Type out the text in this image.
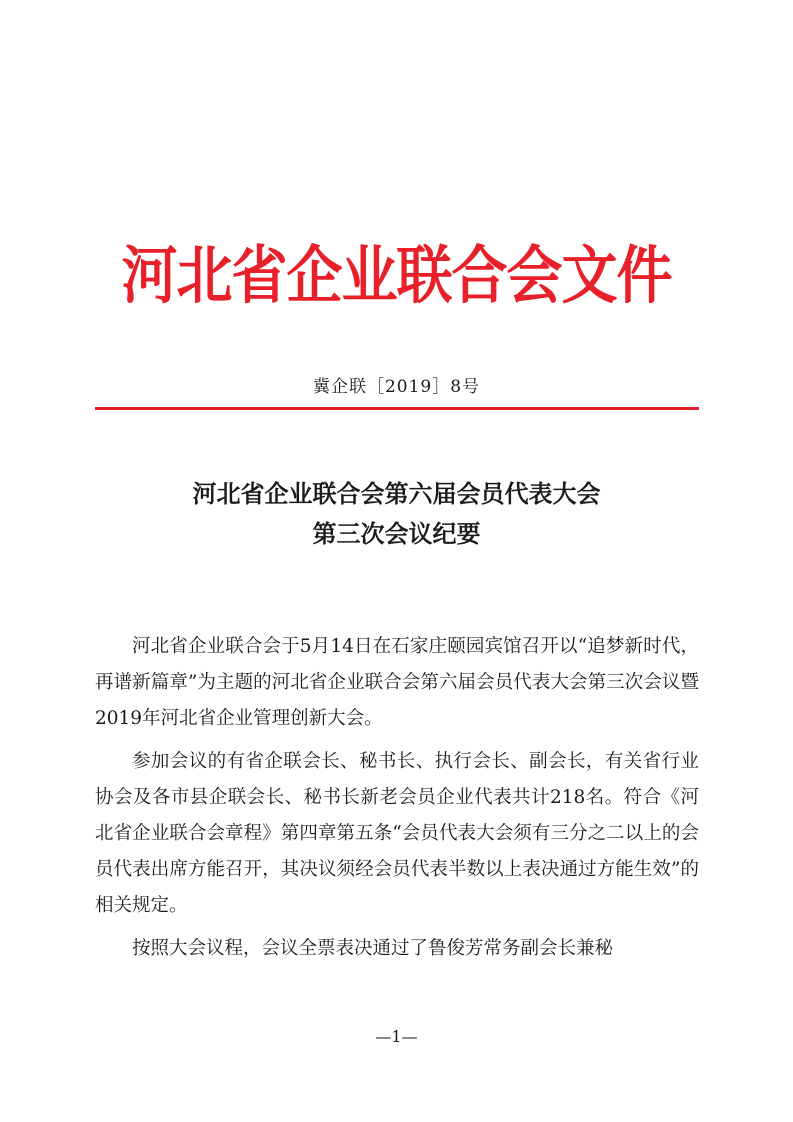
河北省企业联合会文件
冀企联［2019］8号
河北省企业联合会第六届会员代表大会
第三次会议纪要

河北省企业联合会于5月14日在石家庄颐园宾馆召开以“追梦新时代，再谱新篇章”为主题的河北省企业联合会第六届会员代表大会第三次会议暨2019年河北省企业管理创新大会。

参加会议的有省企联会长、秘书长、执行会长、副会长，有关省行业协会及各市县企联会长、秘书长新老会员企业代表共计218名。符合《河北省企业联合会章程》第四章第五条“会员代表大会须有三分之二以上的会员代表出席方能召开，其决议须经会员代表半数以上表决通过方能生效”的相关规定。

按照大会议程，会议全票表决通过了鲁俊芳常务副会长兼秘

—1—
